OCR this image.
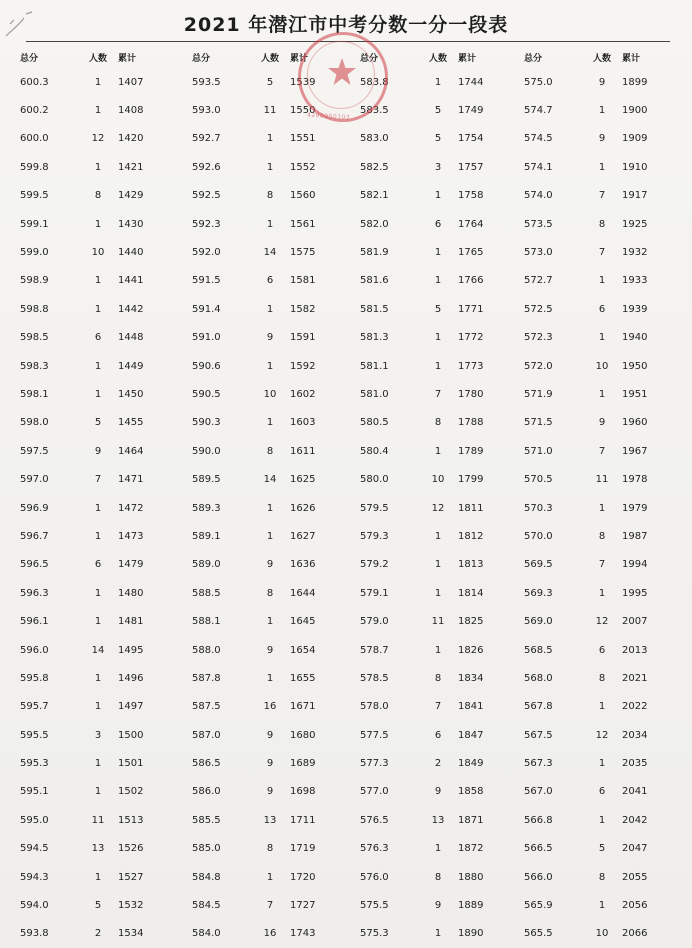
2021 年潜江市中考分数一分一段表
总分	人数	累计
600.3	1	1407
600.2	1	1408
600.0	12	1420
599.8	1	1421
599.5	8	1429
599.1	1	1430
599.0	10	1440
598.9	1	1441
598.8	1	1442
598.5	6	1448
598.3	1	1449
598.1	1	1450
598.0	5	1455
597.5	9	1464
597.0	7	1471
596.9	1	1472
596.7	1	1473
596.5	6	1479
596.3	1	1480
596.1	1	1481
596.0	14	1495
595.8	1	1496
595.7	1	1497
595.5	3	1500
595.3	1	1501
595.1	1	1502
595.0	11	1513
594.5	13	1526
594.3	1	1527
594.0	5	1532
593.8	2	1534
总分	人数	累计
593.5	5	1539
593.0	11	1550
592.7	1	1551
592.6	1	1552
592.5	8	1560
592.3	1	1561
592.0	14	1575
591.5	6	1581
591.4	1	1582
591.0	9	1591
590.6	1	1592
590.5	10	1602
590.3	1	1603
590.0	8	1611
589.5	14	1625
589.3	1	1626
589.1	1	1627
589.0	9	1636
588.5	8	1644
588.1	1	1645
588.0	9	1654
587.8	1	1655
587.5	16	1671
587.0	9	1680
586.5	9	1689
586.0	9	1698
585.5	13	1711
585.0	8	1719
584.8	1	1720
584.5	7	1727
584.0	16	1743
总分	人数	累计
583.8	1	1744
583.5	5	1749
583.0	5	1754
582.5	3	1757
582.1	1	1758
582.0	6	1764
581.9	1	1765
581.6	1	1766
581.5	5	1771
581.3	1	1772
581.1	1	1773
581.0	7	1780
580.5	8	1788
580.4	1	1789
580.0	10	1799
579.5	12	1811
579.3	1	1812
579.2	1	1813
579.1	1	1814
579.0	11	1825
578.7	1	1826
578.5	8	1834
578.0	7	1841
577.5	6	1847
577.3	2	1849
577.0	9	1858
576.5	13	1871
576.3	1	1872
576.0	8	1880
575.5	9	1889
575.3	1	1890
总分	人数	累计
575.0	9	1899
574.7	1	1900
574.5	9	1909
574.1	1	1910
574.0	7	1917
573.5	8	1925
573.0	7	1932
572.7	1	1933
572.5	6	1939
572.3	1	1940
572.0	10	1950
571.9	1	1951
571.5	9	1960
571.0	7	1967
570.5	11	1978
570.3	1	1979
570.0	8	1987
569.5	7	1994
569.3	1	1995
569.0	12	2007
568.5	6	2013
568.0	8	2021
567.8	1	2022
567.5	12	2034
567.3	1	2035
567.0	6	2041
566.8	1	2042
566.5	5	2047
566.0	8	2055
565.9	1	2056
565.5	10	2066
4290050107
